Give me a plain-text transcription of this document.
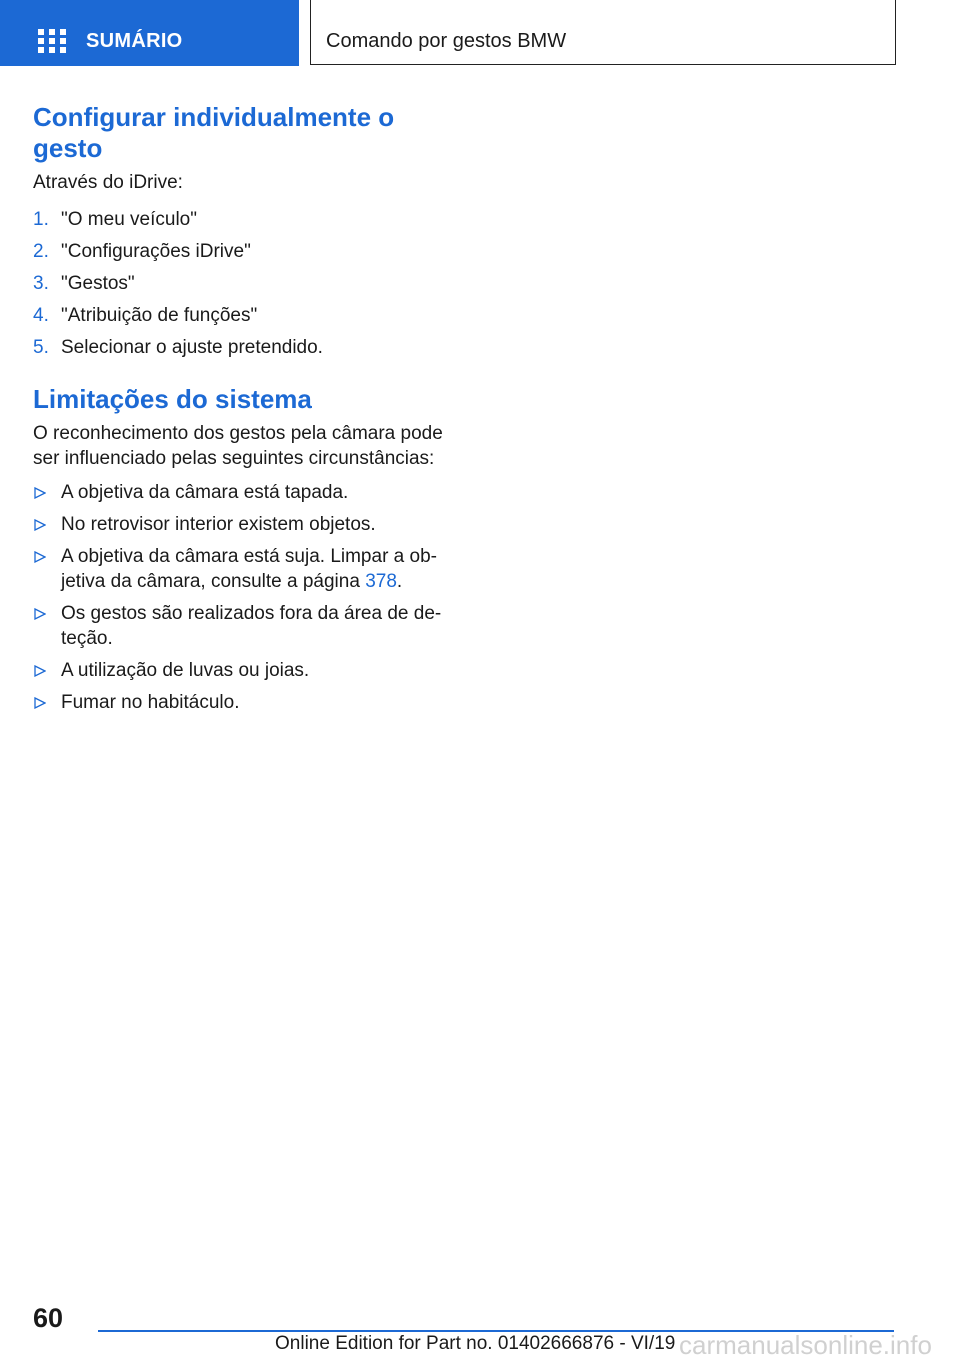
SUMÁRIO	Comando por gestos BMW
Configurar individualmente o
gesto

Através do iDrive:

1. "O meu veículo"
2. "Configurações iDrive"
3. "Gestos"
4. "Atribuição de funções"
5. Selecionar o ajuste pretendido.
Limitações do sistema

O reconhecimento dos gestos pela câmara pode
ser influenciado pelas seguintes circunstâncias:

A objetiva da câmara está tapada.
No retrovisor interior existem objetos.
A objetiva da câmara está suja. Limpar a ob‐
jetiva da câmara, consulte a página 378.
Os gestos são realizados fora da área de de‐
teção.
A utilização de luvas ou joias.
Fumar no habitáculo.
60
Online Edition for Part no. 01402666876 - VI/19 carmanualsonline.info
